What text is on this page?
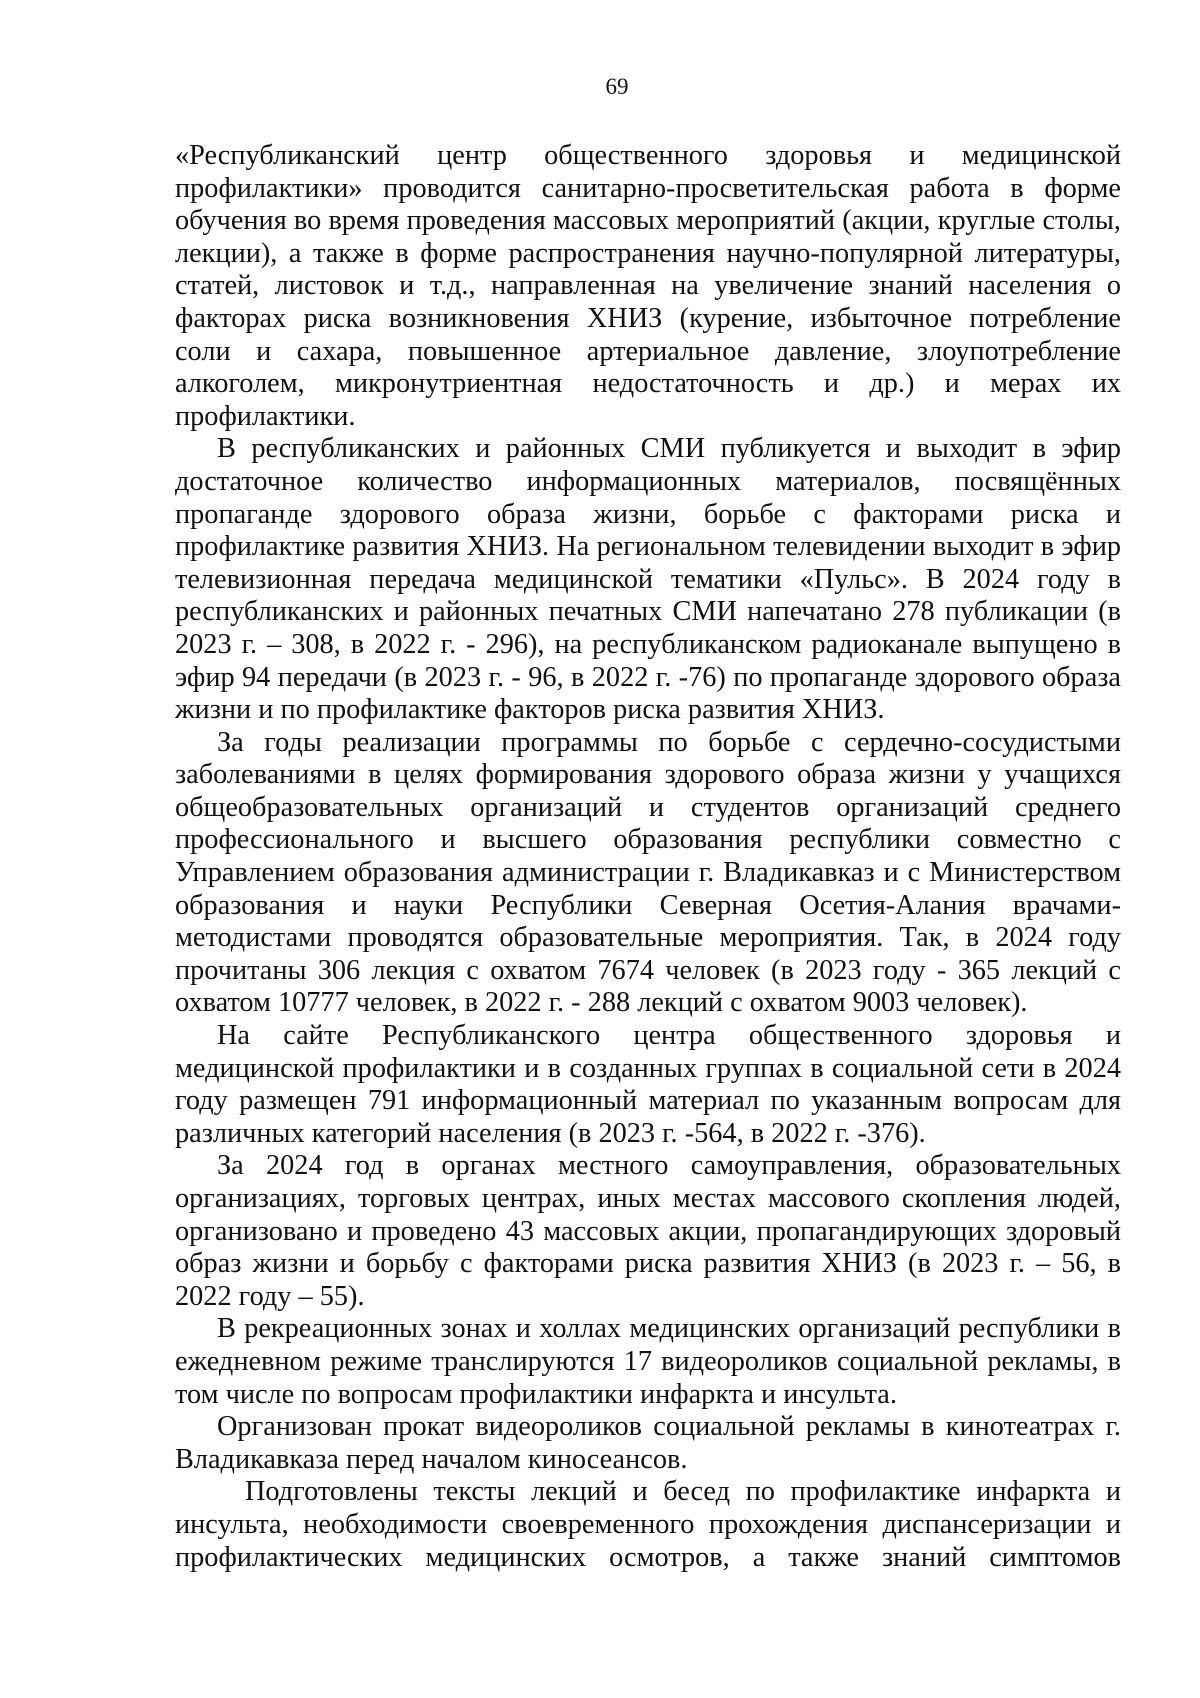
69

«Республиканский центр общественного здоровья и медицинской профилактики» проводится санитарно-просветительская работа в форме обучения во время проведения массовых мероприятий (акции, круглые столы, лекции), а также в форме распространения научно-популярной литературы, статей, листовок и т.д., направленная на увеличение знаний населения о факторах риска возникновения ХНИЗ (курение, избыточное потребление соли и сахара, повышенное артериальное давление, злоупотребление алкоголем, микронутриентная недостаточность и др.) и мерах их профилактики.

В республиканских и районных СМИ публикуется и выходит в эфир достаточное количество информационных материалов, посвящённых пропаганде здорового образа жизни, борьбе с факторами риска и профилактике развития ХНИЗ. На региональном телевидении выходит в эфир телевизионная передача медицинской тематики «Пульс». В 2024 году в республиканских и районных печатных СМИ напечатано 278 публикации (в 2023 г. – 308, в 2022 г. - 296), на республиканском радиоканале выпущено в эфир 94 передачи (в 2023 г. - 96, в 2022 г. -76) по пропаганде здорового образа жизни и по профилактике факторов риска развития ХНИЗ.

За годы реализации программы по борьбе с сердечно-сосудистыми заболеваниями в целях формирования здорового образа жизни у учащихся общеобразовательных организаций и студентов организаций среднего профессионального и высшего образования республики совместно с Управлением образования администрации г. Владикавказ и с Министерством образования и науки Республики Северная Осетия-Алания врачами-методистами проводятся образовательные мероприятия. Так, в 2024 году прочитаны 306 лекция с охватом 7674 человек (в 2023 году - 365 лекций с охватом 10777 человек, в 2022 г. - 288 лекций с охватом 9003 человек).

На сайте Республиканского центра общественного здоровья и медицинской профилактики и в созданных группах в социальной сети в 2024 году размещен 791 информационный материал по указанным вопросам для различных категорий населения (в 2023 г. -564, в 2022 г. -376).

За 2024 год в органах местного самоуправления, образовательных организациях, торговых центрах, иных местах массового скопления людей, организовано и проведено 43 массовых акции, пропагандирующих здоровый образ жизни и борьбу с факторами риска развития ХНИЗ (в 2023 г. – 56, в 2022 году – 55).

В рекреационных зонах и холлах медицинских организаций республики в ежедневном режиме транслируются 17 видеороликов социальной рекламы, в том числе по вопросам профилактики инфаркта и инсульта.

Организован прокат видеороликов социальной рекламы в кинотеатрах г. Владикавказа перед началом киносеансов.

Подготовлены тексты лекций и бесед по профилактике инфаркта и инсульта, необходимости своевременного прохождения диспансеризации и профилактических медицинских осмотров, а также знаний симптомов
